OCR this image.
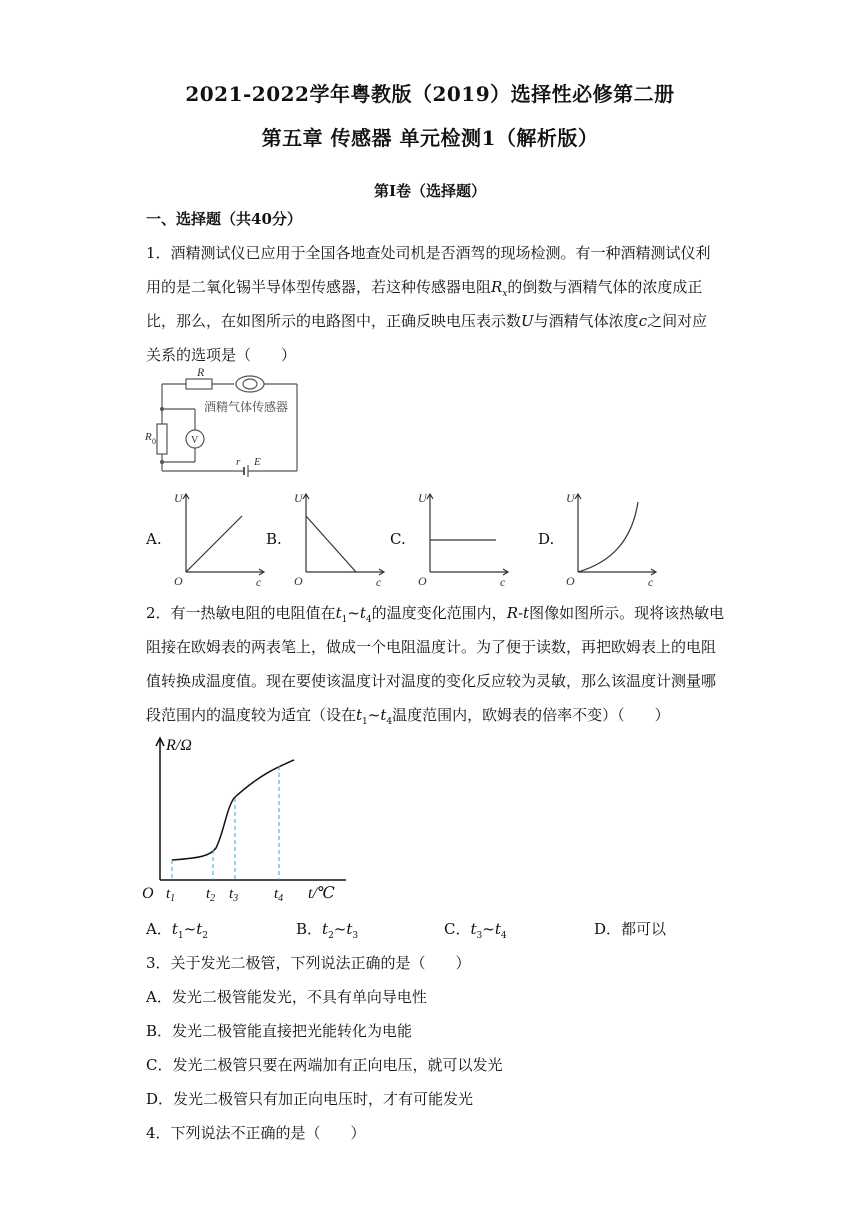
2021-2022学年粤教版（2019）选择性必修第二册
第五章 传感器 单元检测1（解析版）
第Ⅰ卷（选择题）
一、选择题（共40分）
1．酒精测试仪已应用于全国各地查处司机是否酒驾的现场检测。有一种酒精测试仪利
用的是二氧化锡半导体型传感器，若这种传感器电阻$R_x$的倒数与酒精气体的浓度成正
比，那么，在如图所示的电路图中，正确反映电压表示数U与酒精气体浓度c之间对应
关系的选项是（　　）
R
酒精气体传感器
R 0	V
r E
A.
U
c
O
B.
U
c
O
C.
U
c
O
D.
U
c
O
2．有一热敏电阻的电阻值在$t_1\sim t_4$的温度变化范围内，R-t图像如图所示。现将该热敏电
阻接在欧姆表的两表笔上，做成一个电阻温度计。为了便于读数，再把欧姆表上的电阻
值转换成温度值。现在要使该温度计对温度的变化反应较为灵敏，那么该温度计测量哪
段范围内的温度较为适宜（设在$t_1\sim t_4$温度范围内，欧姆表的倍率不变）（　　）
R/Ω
O	t/℃
$t_1$ $t_2$ $t_3$ $t_4$
A．$t_1\sim t_2$	B．$t_2\sim t_3$	C．$t_3\sim t_4$	D．都可以
3．关于发光二极管，下列说法正确的是（　　）
A．发光二极管能发光，不具有单向导电性
B．发光二极管能直接把光能转化为电能
C．发光二极管只要在两端加有正向电压，就可以发光
D．发光二极管只有加正向电压时，才有可能发光
4．下列说法不正确的是（　　）
